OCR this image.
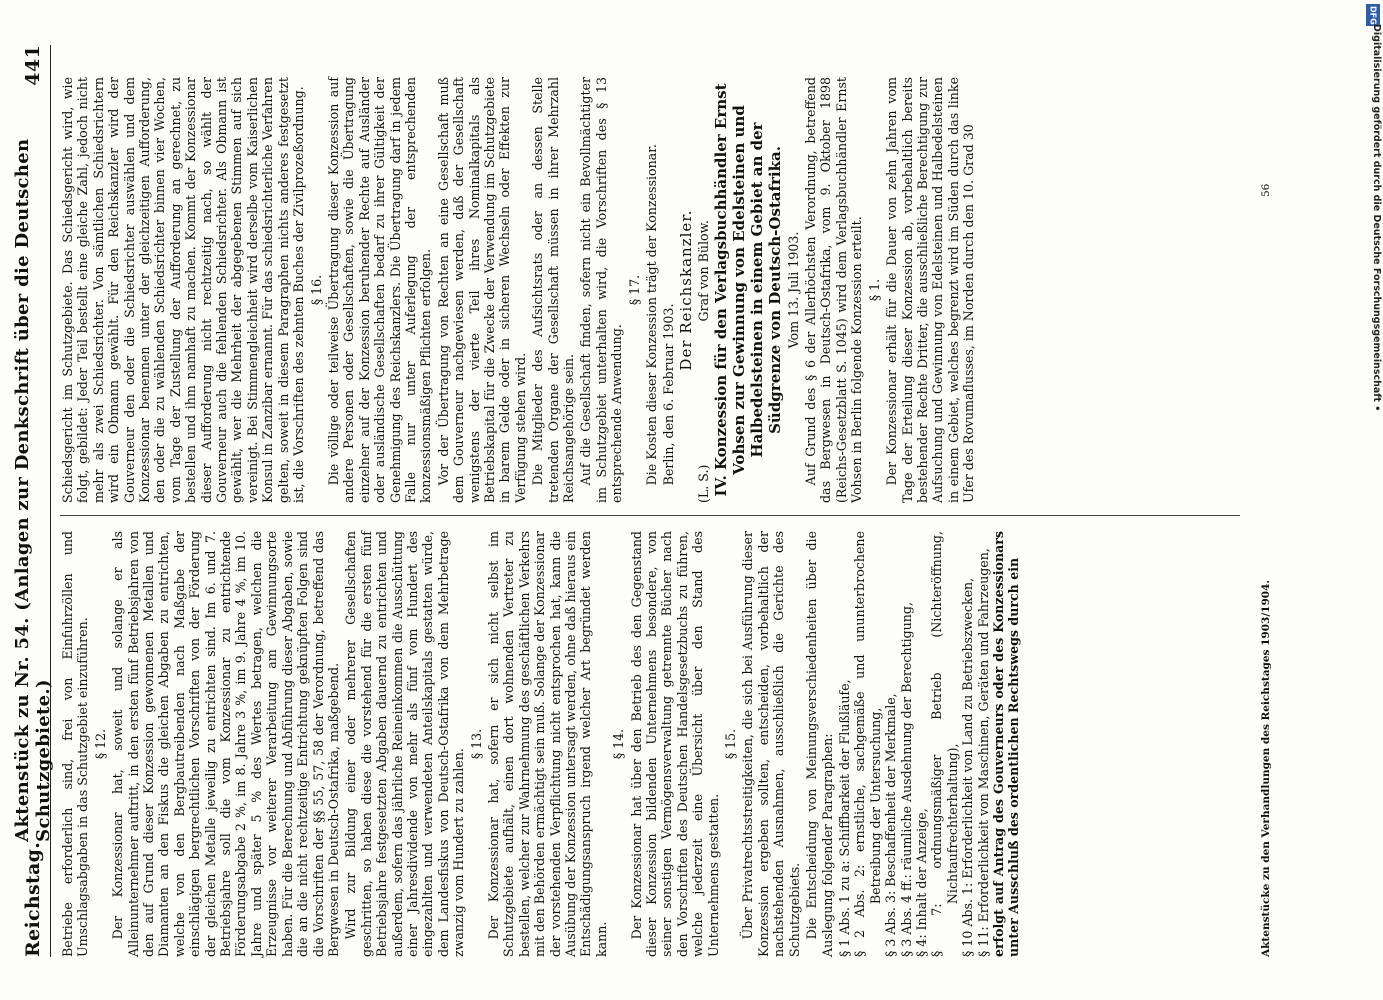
Reichstag.
Aktenstück zu Nr. 54. (Anlagen zur Denkschrift über die Deutschen Schutzgebiete.)
441

Betriebe erforderlich sind, frei von Einfuhrzöllen und Umschlagsabgaben in das Schutzgebiet einzuführen. § 12. Der Konzessionar hat, soweit und solange er als Alleinunternehmer auftritt, in den ersten fünf Betriebsjahren von den auf Grund dieser Konzession gewonnenen Metallen und Diamanten an den Fiskus die gleichen Abgaben zu entrichten, welche von den Bergbautreibenden nach Maßgabe der einschlägigen bergrechtlichen Vorschriften von der Förderung der gleichen Metalle jeweilig zu entrichten sind. Im 6. und 7. Betriebsjahre soll die vom Konzessionar zu entrichtende Förderungsabgabe 2 %, im 8. Jahre 3 %, im 9. Jahre 4 %, im 10. Jahre und später 5 % des Wertes betragen, welchen die Erzeugnisse vor weiterer Verarbeitung am Gewinnungsorte haben. Für die Berechnung und Abführung dieser Abgaben, sowie die an die nicht rechtzeitige Entrichtung geknüpften Folgen sind die Vorschriften der §§ 55, 57, 58 der Verordnung, betreffend das Bergwesen in Deutsch-Ostafrika, maßgebend. Wird zur Bildung einer oder mehrerer Gesellschaften geschritten, so haben diese die vorstehend für die ersten fünf Betriebsjahre festgesetzten Abgaben dauernd zu entrichten und außerdem, sofern das jährliche Reineinkommen die Ausschüttung einer Jahresdividende von mehr als fünf vom Hundert des eingezahlten und verwendeten Anteilskapitals gestatten würde, dem Landesfiskus von Deutsch-Ostafrika von dem Mehrbetrage zwanzig vom Hundert zu zahlen.

§ 13. Der Konzessionar hat, sofern er sich nicht selbst im Schutzgebiete aufhält, einen dort wohnenden Vertreter zu bestellen, welcher zur Wahrnehmung des geschäftlichen Verkehrs mit den Behörden ermächtigt sein muß. Solange der Konzessionar der vorstehenden Verpflichtung nicht entsprochen hat, kann die Ausübung der Konzession untersagt werden, ohne daß hieraus ein Entschädigungsanspruch irgend welcher Art begründet werden kann.

§ 14. Der Konzessionar hat über den Betrieb des den Gegenstand dieser Konzession bildenden Unternehmens besondere, von seiner sonstigen Vermögensverwaltung getrennte Bücher nach den Vorschriften des Deutschen Handelsgesetzbuchs zu führen, welche jederzeit eine Übersicht über den Stand des Unternehmens gestatten.

§ 15. Über Privatrechtsstreitigkeiten, die sich bei Ausführung dieser Konzession ergeben sollten, entscheiden, vorbehaltlich der nachstehenden Ausnahmen, ausschließlich die Gerichte des Schutzgebiets. Die Entscheidung von Meinungsverschiedenheiten über die Auslegung folgender Paragraphen: § 1 Abs. 1 zu a: Schiffbarkeit der Flußläufe, § 2 Abs. 2: ernstliche, sachgemäße und ununterbrochene Betreibung der Untersuchung, § 3 Abs. 3: Beschaffenheit der Merkmale, § 3 Abs. 4 ff.: räumliche Ausdehnung der Berechtigung, § 4: Inhalt der Anzeige, § 7: ordnungsmäßiger Betrieb (Nichteröffnung, Nichtaufrechterhaltung), § 10 Abs. 1: Erforderlichkeit von Land zu Betriebszwecken, § 11: Erforderlichkeit von Maschinen, Geräten und Fahrzeugen, erfolgt auf Antrag des Gouverneurs oder des Konzessionars unter Ausschluß des ordentlichen Rechtswegs durch ein

Schiedsgericht im Schutzgebiete. Das Schiedsgericht wird, wie folgt, gebildet: Jeder Teil bestellt eine gleiche Zahl, jedoch nicht mehr als zwei Schiedsrichter. Von sämtlichen Schiedsrichtern wird ein Obmann gewählt. Für den Reichskanzler wird der Gouverneur den oder die Schiedsrichter auswählen und dem Konzessionar benennen unter der gleichzeitigen Aufforderung, den oder die zu wählenden Schiedsrichter binnen vier Wochen, vom Tage der Zustellung der Aufforderung an gerechnet, zu bestellen und ihm namhaft zu machen. Kommt der Konzessionar dieser Aufforderung nicht rechtzeitig nach, so wählt der Gouverneur auch die fehlenden Schiedsrichter. Als Obmann ist gewählt, wer die Mehrheit der abgegebenen Stimmen auf sich vereinigt. Bei Stimmengleichheit wird derselbe vom Kaiserlichen Konsul in Zanzibar ernannt. Für das schiedsrichterliche Verfahren gelten, soweit in diesem Paragraphen nichts anderes festgesetzt ist, die Vorschriften des zehnten Buches der Zivilprozeßordnung. § 16. Die völlige oder teilweise Übertragung dieser Konzession auf andere Personen oder Gesellschaften, sowie die Übertragung einzelner auf der Konzession beruhender Rechte auf Ausländer oder ausländische Gesellschaften bedarf zu ihrer Gültigkeit der Genehmigung des Reichskanzlers. Die Übertragung darf in jedem Falle nur unter Auferlegung der entsprechenden konzessionsmäßigen Pflichten erfolgen. Vor der Übertragung von Rechten an eine Gesellschaft muß dem Gouverneur nachgewiesen werden, daß der Gesellschaft wenigstens der vierte Teil ihres Nominalkapitals als Betriebskapital für die Zwecke der Verwendung im Schutzgebiete in barem Gelde oder in sicheren Wechseln oder Effekten zur Verfügung stehen wird. Die Mitglieder des Aufsichtsrats oder an dessen Stelle tretenden Organe der Gesellschaft müssen in ihrer Mehrzahl Reichsangehörige sein. Auf die Gesellschaft finden, sofern nicht ein Bevollmächtigter im Schutzgebiet unterhalten wird, die Vorschriften des § 13 entsprechende Anwendung.

§ 17. Die Kosten dieser Konzession trägt der Konzessionar. Berlin, den 6. Februar 1903.

Der Reichskanzler.

(L. S.)
Graf von Bülow. IV. Konzession für den Verlagsbuchhändler Ernst Vohsen zur Gewinnung von Edelsteinen und Halbedelsteinen in einem Gebiet an der Südgrenze von Deutsch-Ostafrika. Vom 13. Juli 1903. Auf Grund des § 6 der Allerhöchsten Verordnung, betreffend das Bergwesen in Deutsch-Ostafrika, vom 9. Oktober 1898 (Reichs-Gesetzblatt S. 1045) wird dem Verlagsbuchhändler Ernst Vohsen in Berlin folgende Konzession erteilt. § 1. Der Konzessionar erhält für die Dauer von zehn Jahren vom Tage der Erteilung dieser Konzession ab, vorbehaltlich bereits bestehender Rechte Dritter, die ausschließliche Berechtigung zur Aufsuchung und Gewinnung von Edelsteinen und Halbedelsteinen in einem Gebiet, welches begrenzt wird im Süden durch das linke Ufer des Rovumaflusses, im Norden durch den 10. Grad 30

Aktenstücke zu den Verhandlungen des Reichstages 1903/1904.
56
DFG
Digitalisierung gefördert durch die Deutsche Forschungsgemeinschaft •
